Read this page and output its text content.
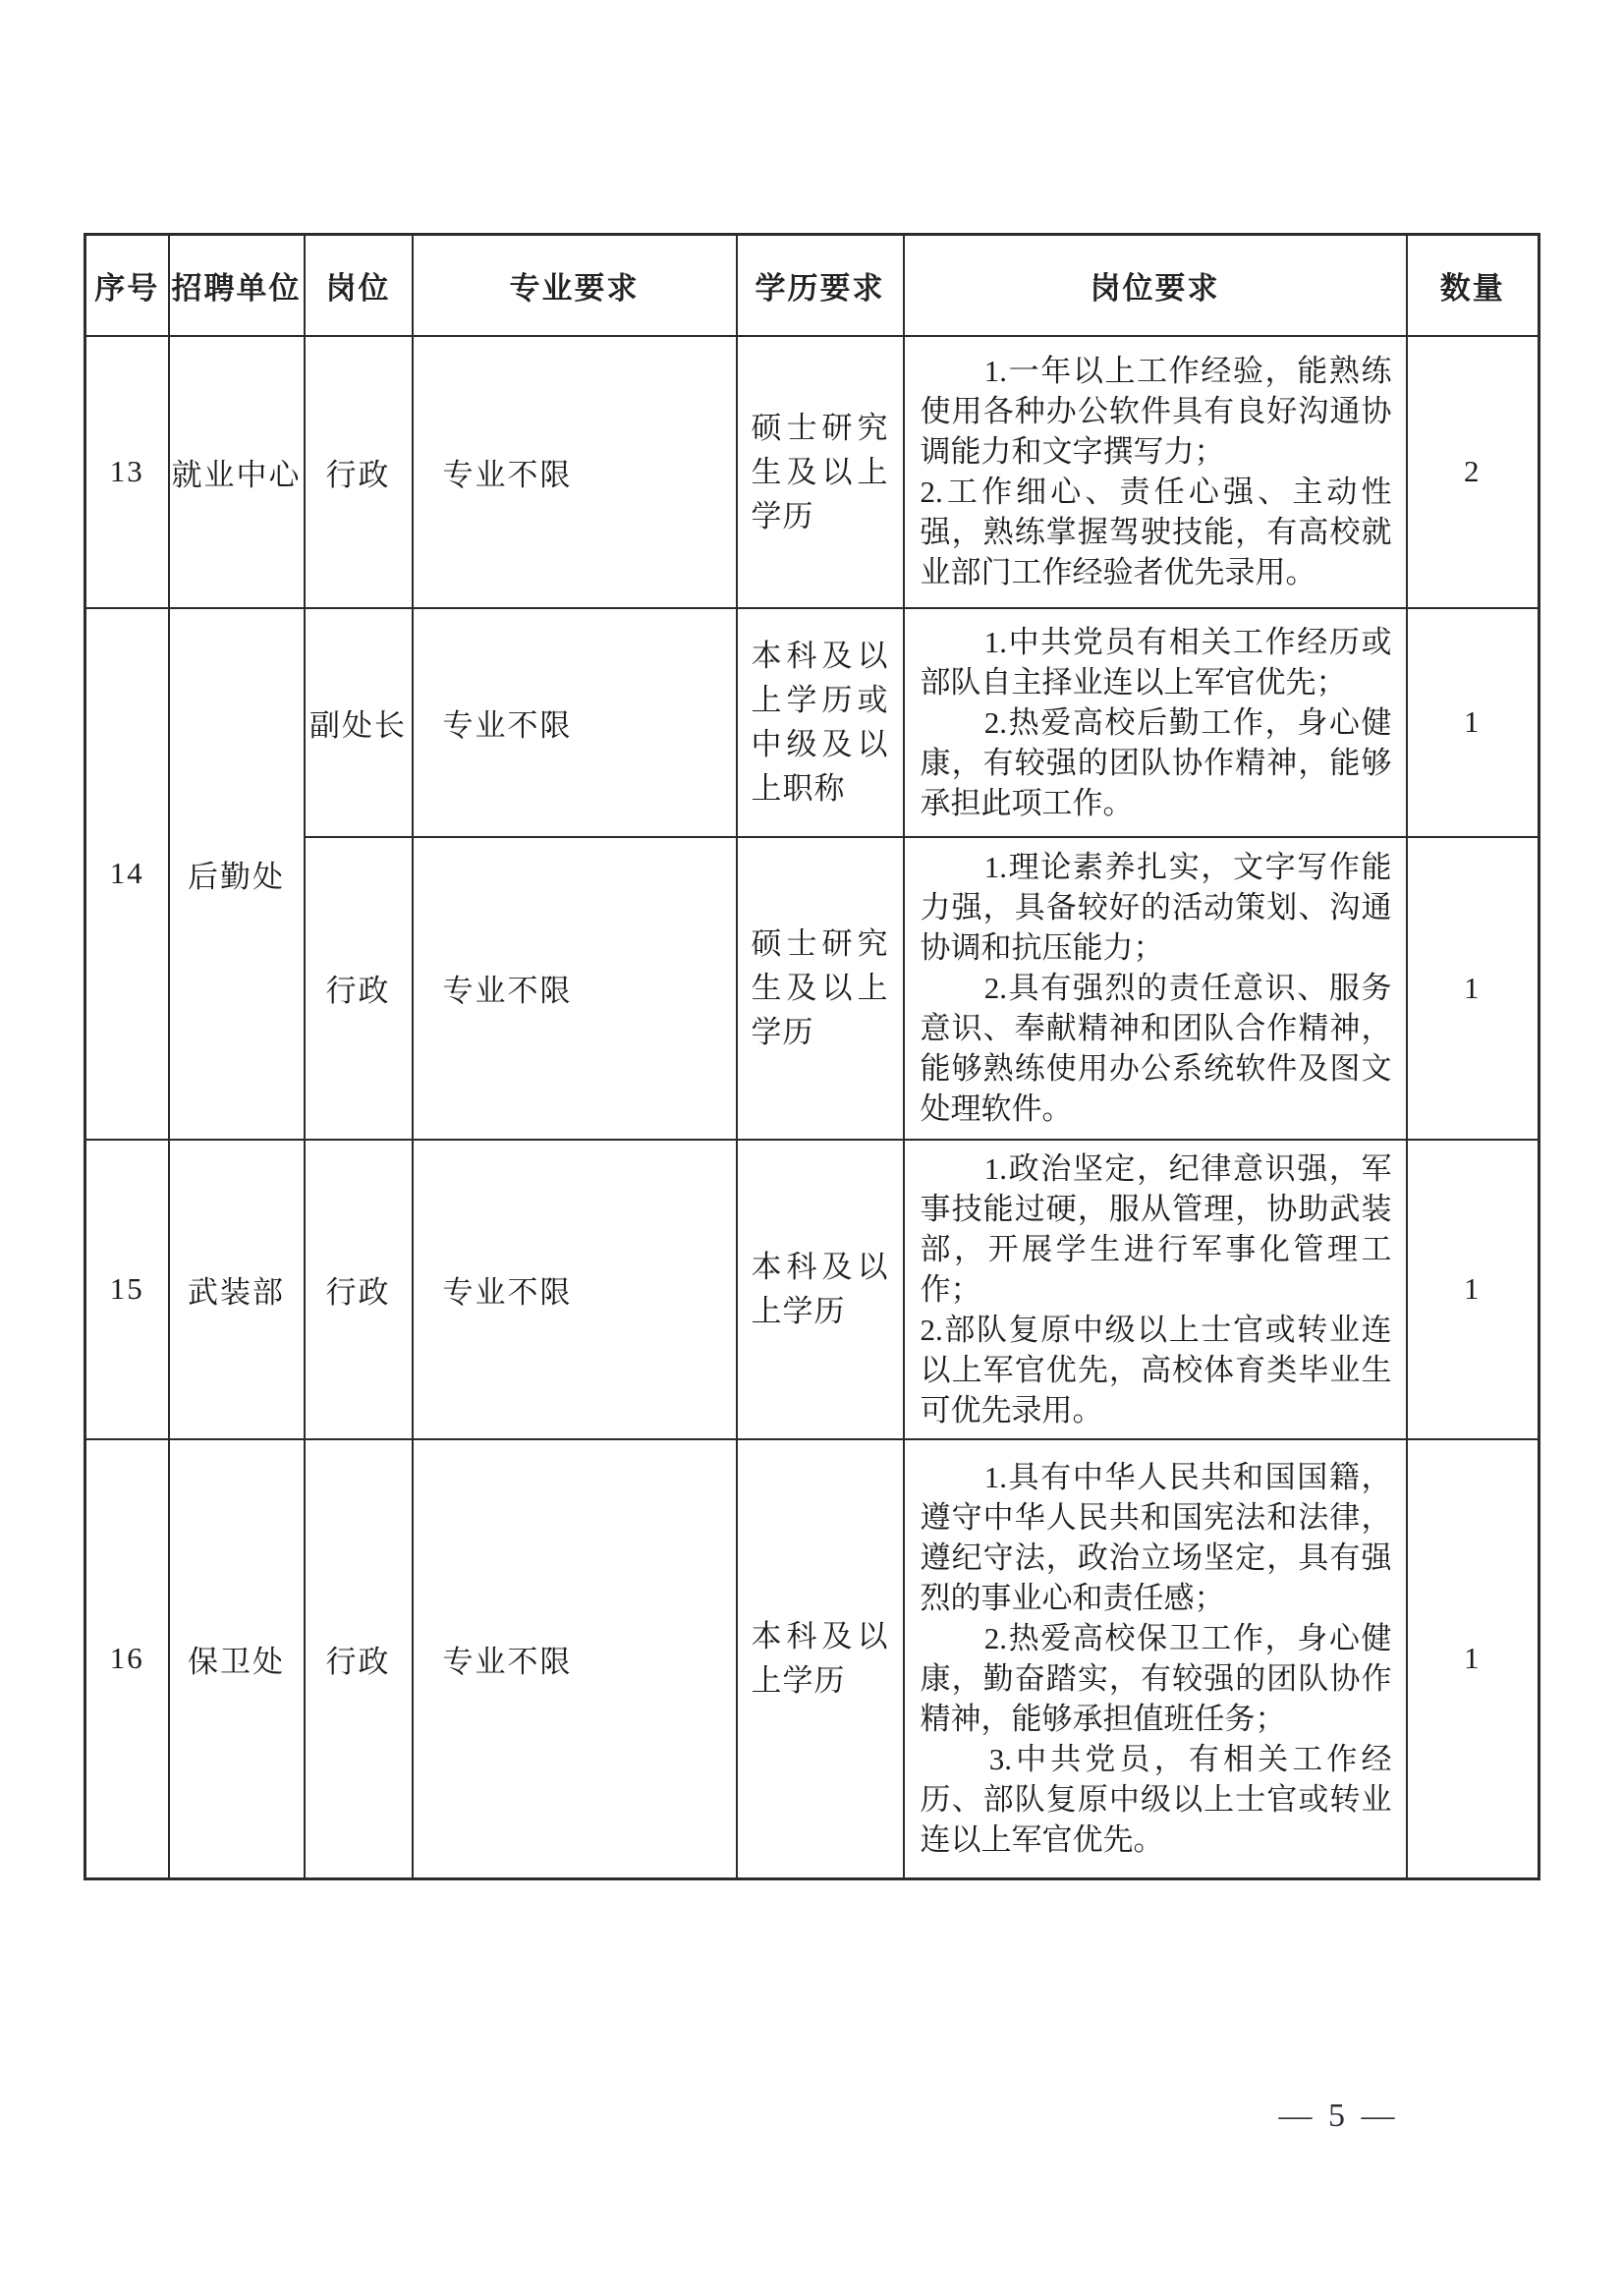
序号	招聘单位	岗位	专业要求	学历要求	岗位要求	数量
13	就业中心	行政	专业不限	硕士研究生及以上学历	　　1.一年以上工作经验，能熟练使用各种办公软件具有良好沟通协调能力和文字撰写力；

2.工作细心、责任心强、主动性强，熟练掌握驾驶技能，有高校就业部门工作经验者优先录用。	2
14	后勤处	副处长	专业不限	本科及以上学历或中级及以上职称	　　1.中共党员有相关工作经历或部队自主择业连以上军官优先；

　　2.热爱高校后勤工作，身心健康，有较强的团队协作精神，能够承担此项工作。	1
		行政	专业不限	硕士研究生及以上学历	　　1.理论素养扎实，文字写作能力强，具备较好的活动策划、沟通协调和抗压能力；

　　2.具有强烈的责任意识、服务意识、奉献精神和团队合作精神，能够熟练使用办公系统软件及图文处理软件。	1
15	武装部	行政	专业不限	本科及以上学历	　　1.政治坚定，纪律意识强，军事技能过硬，服从管理，协助武装部，开展学生进行军事化管理工作；

2.部队复原中级以上士官或转业连以上军官优先，高校体育类毕业生可优先录用。	1
16	保卫处	行政	专业不限	本科及以上学历	　　1.具有中华人民共和国国籍，遵守中华人民共和国宪法和法律，遵纪守法，政治立场坚定，具有强烈的事业心和责任感；

　　2.热爱高校保卫工作，身心健康，勤奋踏实，有较强的团队协作精神，能够承担值班任务；

　　3.中共党员，有相关工作经历、部队复原中级以上士官或转业连以上军官优先。	1
— 5 —
